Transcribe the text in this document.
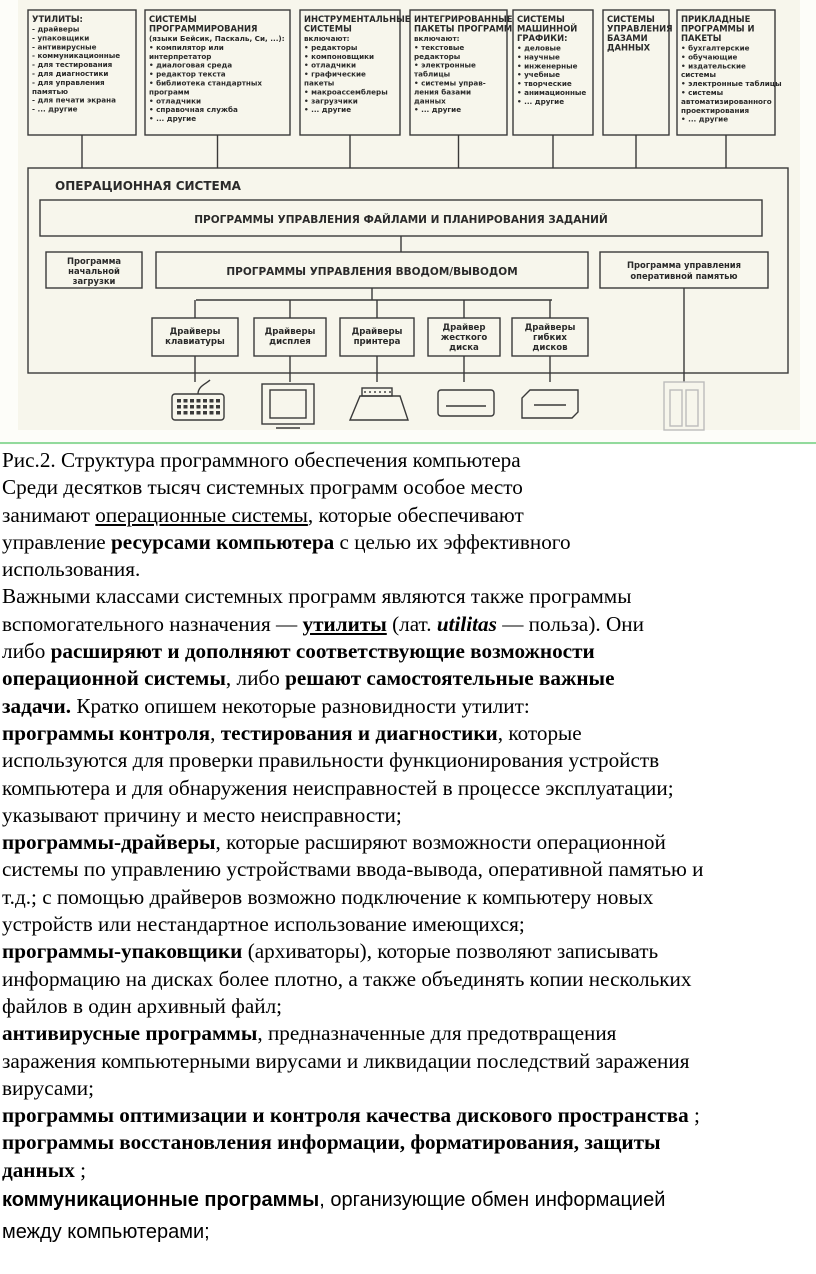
УТИЛИТЫ:
- драйверы
- упаковщики
- антивирусные
- коммуникационные
- для тестирования
- для диагностики
- для управления
памятью
- для печати экрана
- ... другие
СИСТЕМЫ
ПРОГРАММИРОВАНИЯ
(языки Бейсик, Паскаль, Си, ...):
• компилятор или
интерпретатор
• диалоговая среда
• редактор текста
• библиотека стандартных
программ
• отладчики
• справочная служба
• ... другие
ИНСТРУМЕНТАЛЬНЫЕ
СИСТЕМЫ
включают:
• редакторы
• компоновщики
• отладчики
• графические
пакеты
• макроассемблеры
• загрузчики
• ... другие
ИНТЕГРИРОВАННЫЕ
ПАКЕТЫ ПРОГРАММ
включают:
• текстовые
редакторы
• электронные
таблицы
• системы управ-
ления базами
данных
• ... другие
СИСТЕМЫ
МАШИННОЙ
ГРАФИКИ:
• деловые
• научные
• инженерные
• учебные
• творческие
• анимационные
• ... другие
СИСТЕМЫ
УПРАВЛЕНИЯ
БАЗАМИ
ДАННЫХ
ПРИКЛАДНЫЕ
ПРОГРАММЫ И
ПАКЕТЫ
• бухгалтерские
• обучающие
• издательские
системы
• электронные таблицы
• системы
автоматизированного
проектирования
• ... другие
ОПЕРАЦИОННАЯ СИСТЕМА
ПРОГРАММЫ УПРАВЛЕНИЯ ФАЙЛАМИ И ПЛАНИРОВАНИЯ ЗАДАНИЙ
Программа
начальной
загрузки
ПРОГРАММЫ УПРАВЛЕНИЯ ВВОДОМ/ВЫВОДОМ
Программа управления
оперативной памятью
Драйверы
клавиатуры
Драйверы
дисплея
Драйверы
принтера
Драйвер
жесткого
диска
Драйверы
гибких
дисков

Рис.2. Структура программного обеспечения компьютера

Среди десятков тысяч системных программ особое место
занимают операционные системы, которые обеспечивают
управление ресурсами компьютера с целью их эффективного
использования.

Важными классами системных программ являются также программы
вспомогательного назначения — утилиты (лат. utilitas — польза). Они
либо расширяют и дополняют соответствующие возможности
операционной системы, либо решают самостоятельные важные
задачи. Кратко опишем некоторые разновидности утилит:

программы контроля, тестирования и диагностики, которые
используются для проверки правильности функционирования устройств
компьютера и для обнаружения неисправностей в процессе эксплуатации;
указывают причину и место неисправности;

программы-драйверы, которые расширяют возможности операционной
системы по управлению устройствами ввода-вывода, оперативной памятью и
т.д.; с помощью драйверов возможно подключение к компьютеру новых
устройств или нестандартное использование имеющихся;

программы-упаковщики (архиваторы), которые позволяют записывать
информацию на дисках более плотно, а также объединять копии нескольких
файлов в один архивный файл;

антивирусные программы, предназначенные для предотвращения
заражения компьютерными вирусами и ликвидации последствий заражения
вирусами;

программы оптимизации и контроля качества дискового пространства ;

программы восстановления информации, форматирования, защиты
данных ;

коммуникационные программы, организующие обмен информацией
между компьютерами;
